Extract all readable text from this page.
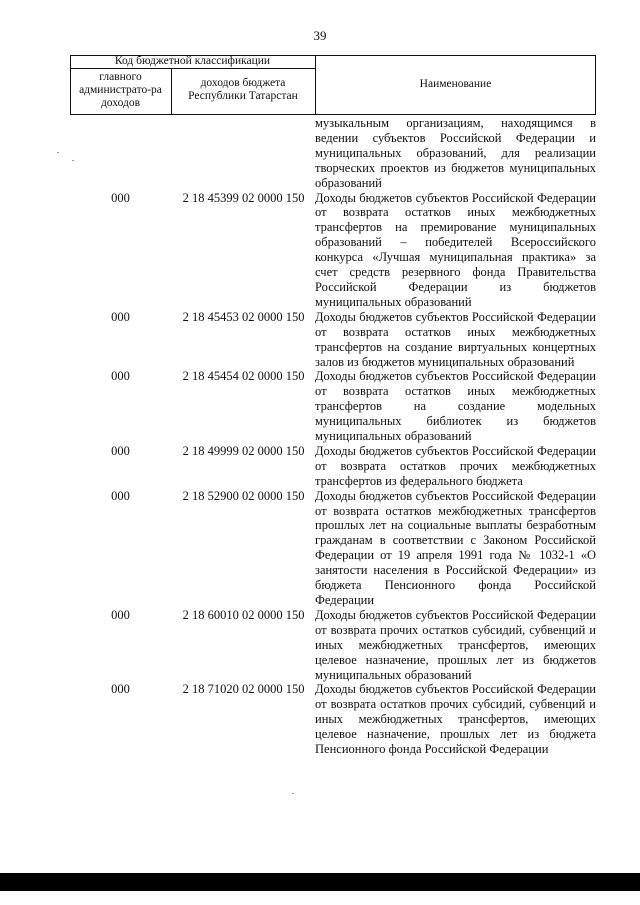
39
Код бюджетной классификации
главного администрато-ра доходов
доходов бюджета Республики Татарстан
Наименование
музыкальным организациям, находящимся в ведении субъектов Российской Федерации и муниципальных образований, для реализации творческих проектов из бюджетов муниципальных образований
000	2 18 45399 02 0000 150 Доходы бюджетов субъектов Российской Федерации от возврата остатков иных межбюджетных трансфертов на премирование муниципальных образований – победителей Всероссийского конкурса «Лучшая муниципальная практика» за счет средств резервного фонда Правительства Российской Федерации из бюджетов муниципальных образований
000	2 18 45453 02 0000 150 Доходы бюджетов субъектов Российской Федерации от возврата остатков иных межбюджетных трансфертов на создание виртуальных концертных залов из бюджетов муниципальных образований
000	2 18 45454 02 0000 150 Доходы бюджетов субъектов Российской Федерации от возврата остатков иных межбюджетных трансфертов на создание модельных муниципальных библиотек из бюджетов муниципальных образований
000	2 18 49999 02 0000 150 Доходы бюджетов субъектов Российской Федерации от возврата остатков прочих межбюджетных трансфертов из федерального бюджета
000	2 18 52900 02 0000 150 Доходы бюджетов субъектов Российской Федерации от возврата остатков межбюджетных трансфертов прошлых лет на социальные выплаты безработным гражданам в соответствии с Законом Российской Федерации от 19 апреля 1991 года № 1032-1 «О занятости населения в Российской Федерации» из бюджета Пенсионного фонда Российской Федерации
000	2 18 60010 02 0000 150 Доходы бюджетов субъектов Российской Федерации от возврата прочих остатков субсидий, субвенций и иных межбюджетных трансфертов, имеющих целевое назначение, прошлых лет из бюджетов муниципальных образований
000	2 18 71020 02 0000 150 Доходы бюджетов субъектов Российской Федерации от возврата остатков прочих субсидий, субвенций и иных межбюджетных трансфертов, имеющих целевое назначение, прошлых лет из бюджета Пенсионного фонда Российской Федерации
